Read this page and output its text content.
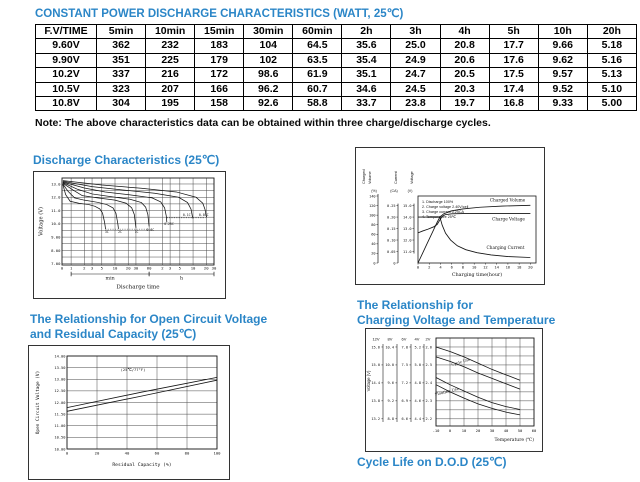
CONSTANT POWER DISCHARGE CHARACTERISTICS (WATT, 25℃)
F.V/TIME	5min	10min	15min	30min	60min	2h	3h	4h	5h	10h	20h
9.60V	362	232	183	104	64.5	35.6	25.0	20.8	17.7	9.66	5.18
9.90V	351	225	179	102	63.5	35.4	24.9	20.6	17.6	9.62	5.16
10.2V	337	216	172	98.6	61.9	35.1	24.7	20.5	17.5	9.57	5.13
10.5V	323	207	166	96.2	60.7	34.6	24.5	20.3	17.4	9.52	5.10
10.8V	304	195	158	92.6	58.8	33.7	23.8	19.7	16.8	9.33	5.00
Note: The above characteristics data can be obtained within three charge/discharge cycles.
Discharge Characteristics (25℃)
13.0
12.0
11.0
10.0
9.00
8.00
7.00
0 1	2 3 5 10 20 30 60 2 3 5 10 20 30
min	h
Discharge time
Voltage (V)	3C	2C	1C	0.6C
0.25C
0.1C	0.05C
Charged Volume
(%)
0
20
40
60
80
100
120
140
Current
(CA)
0
0.05
0.10
0.15
0.20
0.25
Voltage
(V)
11.0
12.0
13.0
14.0
15.0
1. Discharge 100%
2. Charge voltage 2.40V/cell
3. Charge current 0.25CA
4. Temperature 25℃
0 2 4 6 8 10 12 14 16 18 20
Charging time(hour)
Charged Volume
Charge Voltage
Charging Current
The Relationship for Open Circuit Voltage
and Residual Capacity (25℃)
14.00
13.50
13.00
12.50
12.00
11.50
11.00
10.50
10.00
0	20	40	60	80	100
Residual Capacity (%)
Open Circuit Voltage (V)
(25℃/77°F)
The Relationship for
Charging Voltage and Temperature
12V 8V 6V 4V 2V
15.6
15.0
14.4
13.8
13.2
10.4
10.0
9.6
9.2
8.8
7.8
7.5
7.2
6.9
6.6
5.2
5.0
4.8
4.6
4.4
2.6
2.5
2.4
2.3
2.2
Voltage (V)
-10 0	10 20 30 40 50 60
Temperature (℃)
Cycle Use
Floating Use
Cycle Life on D.O.D (25℃)
